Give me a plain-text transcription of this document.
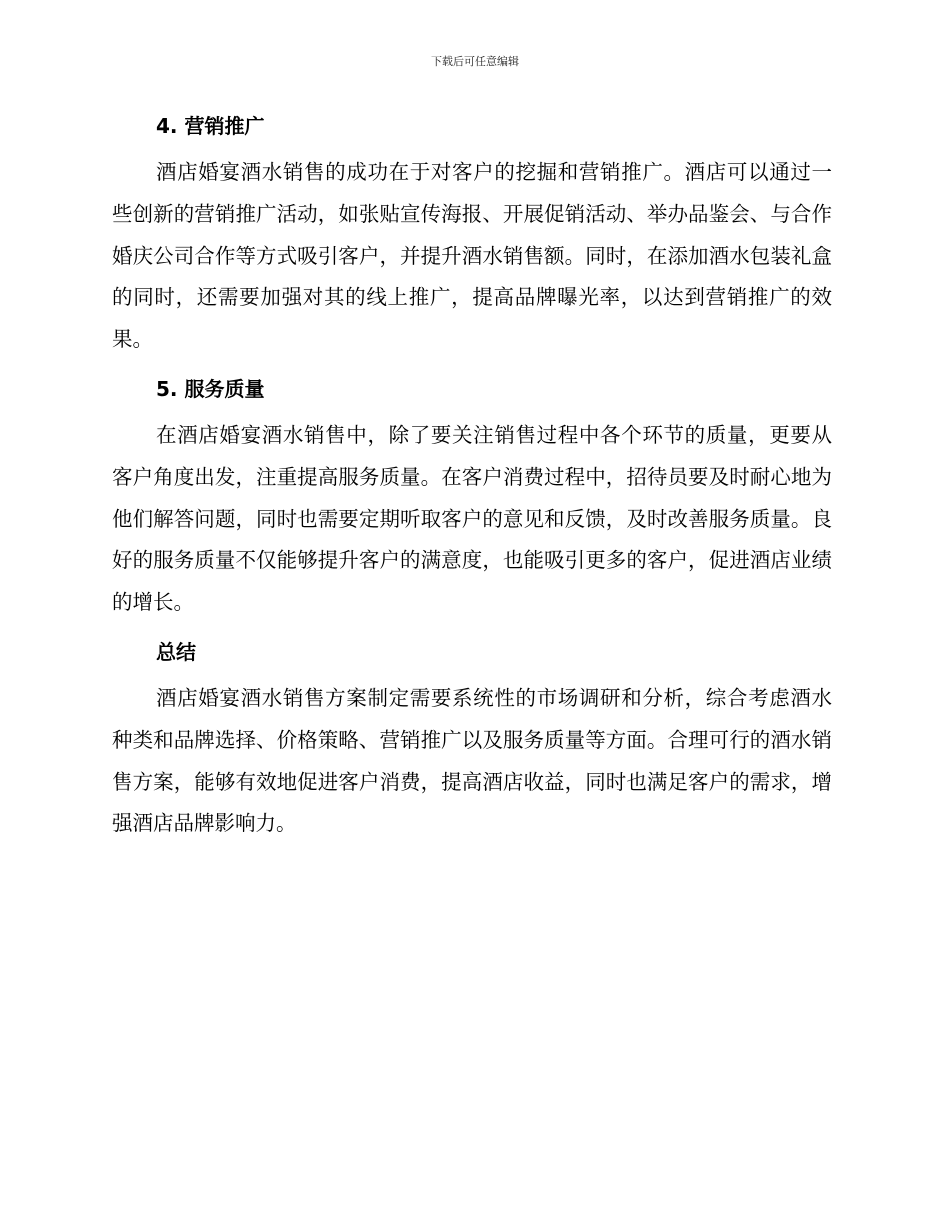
下载后可任意编辑
4. 营销推广

酒店婚宴酒水销售的成功在于对客户的挖掘和营销推广。酒店可以通过一些创新的营销推广活动，如张贴宣传海报、开展促销活动、举办品鉴会、与合作婚庆公司合作等方式吸引客户，并提升酒水销售额。同时，在添加酒水包装礼盒的同时，还需要加强对其的线上推广，提高品牌曝光率，以达到营销推广的效果。

5. 服务质量

在酒店婚宴酒水销售中，除了要关注销售过程中各个环节的质量，更要从客户角度出发，注重提高服务质量。在客户消费过程中，招待员要及时耐心地为他们解答问题，同时也需要定期听取客户的意见和反馈，及时改善服务质量。良好的服务质量不仅能够提升客户的满意度，也能吸引更多的客户，促进酒店业绩的增长。

总结

酒店婚宴酒水销售方案制定需要系统性的市场调研和分析，综合考虑酒水种类和品牌选择、价格策略、营销推广以及服务质量等方面。合理可行的酒水销售方案，能够有效地促进客户消费，提高酒店收益，同时也满足客户的需求，增强酒店品牌影响力。
